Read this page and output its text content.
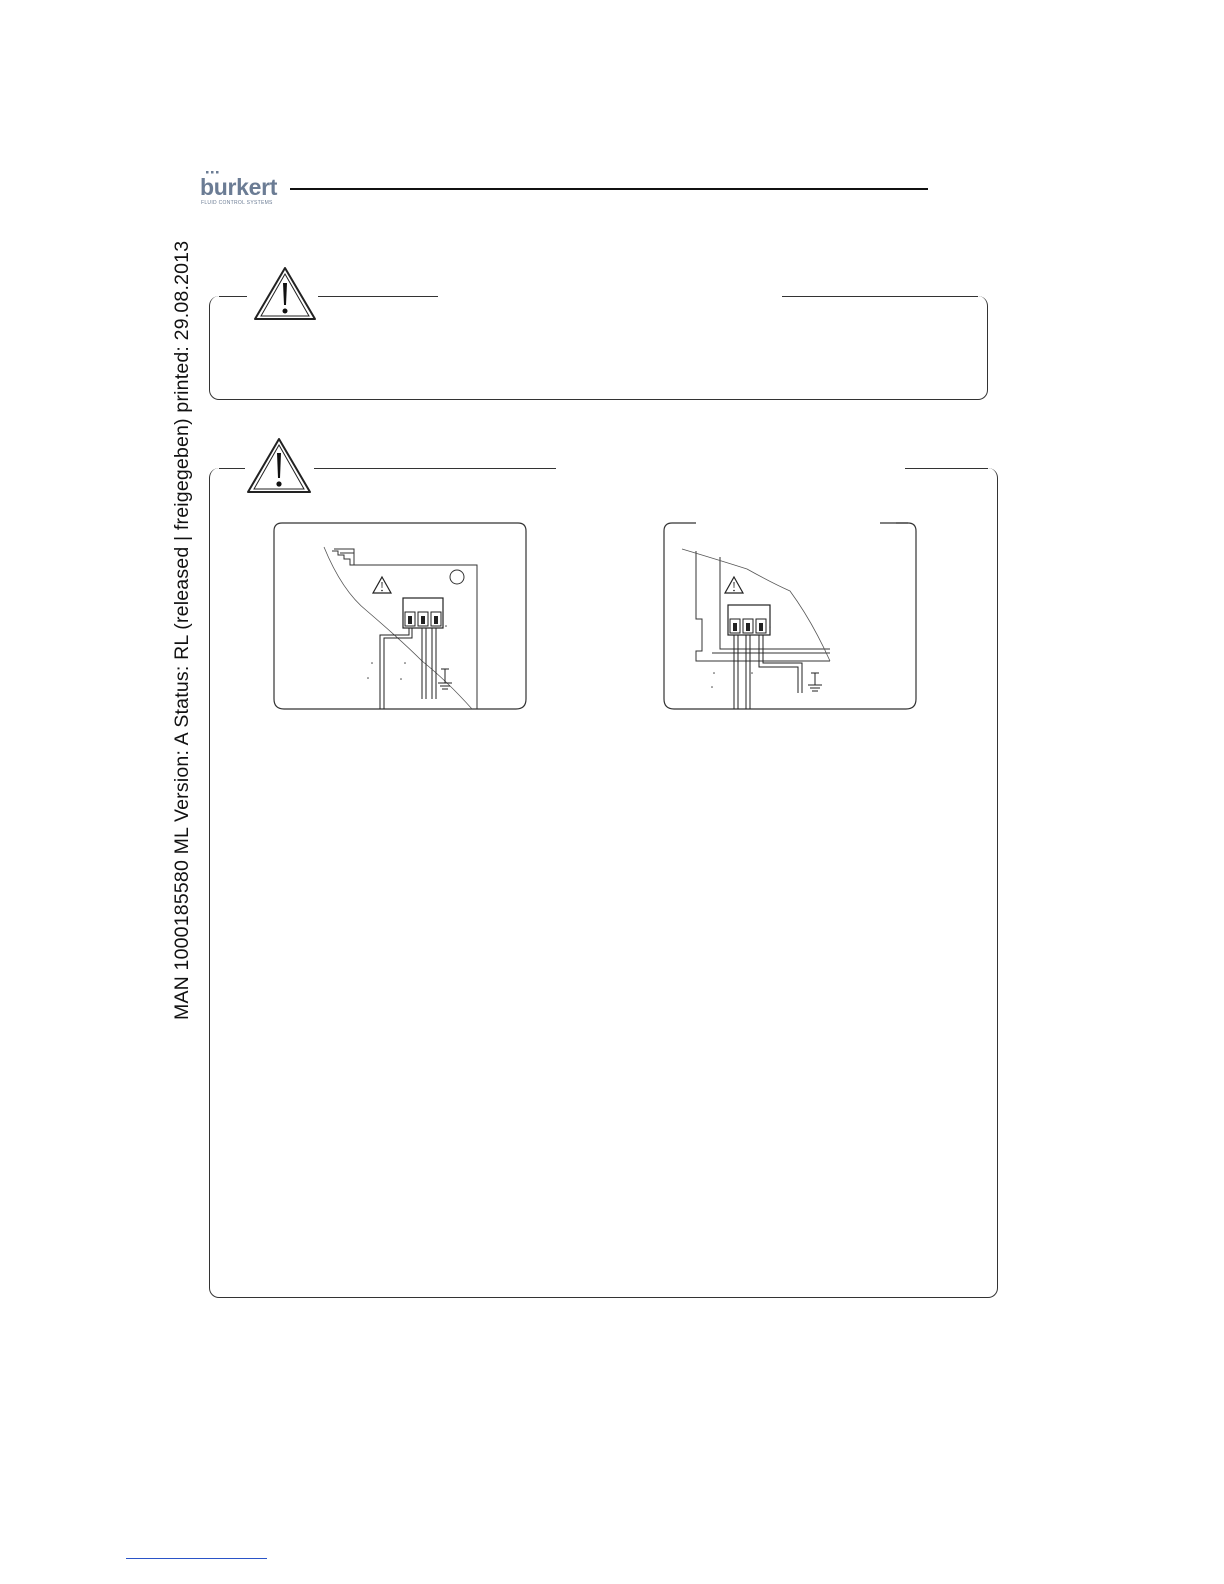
MAN 1000185580 ML Version: A Status: RL (released | freigegeben) printed: 29.08.2013
burkert
FLUID CONTROL SYSTEMS
